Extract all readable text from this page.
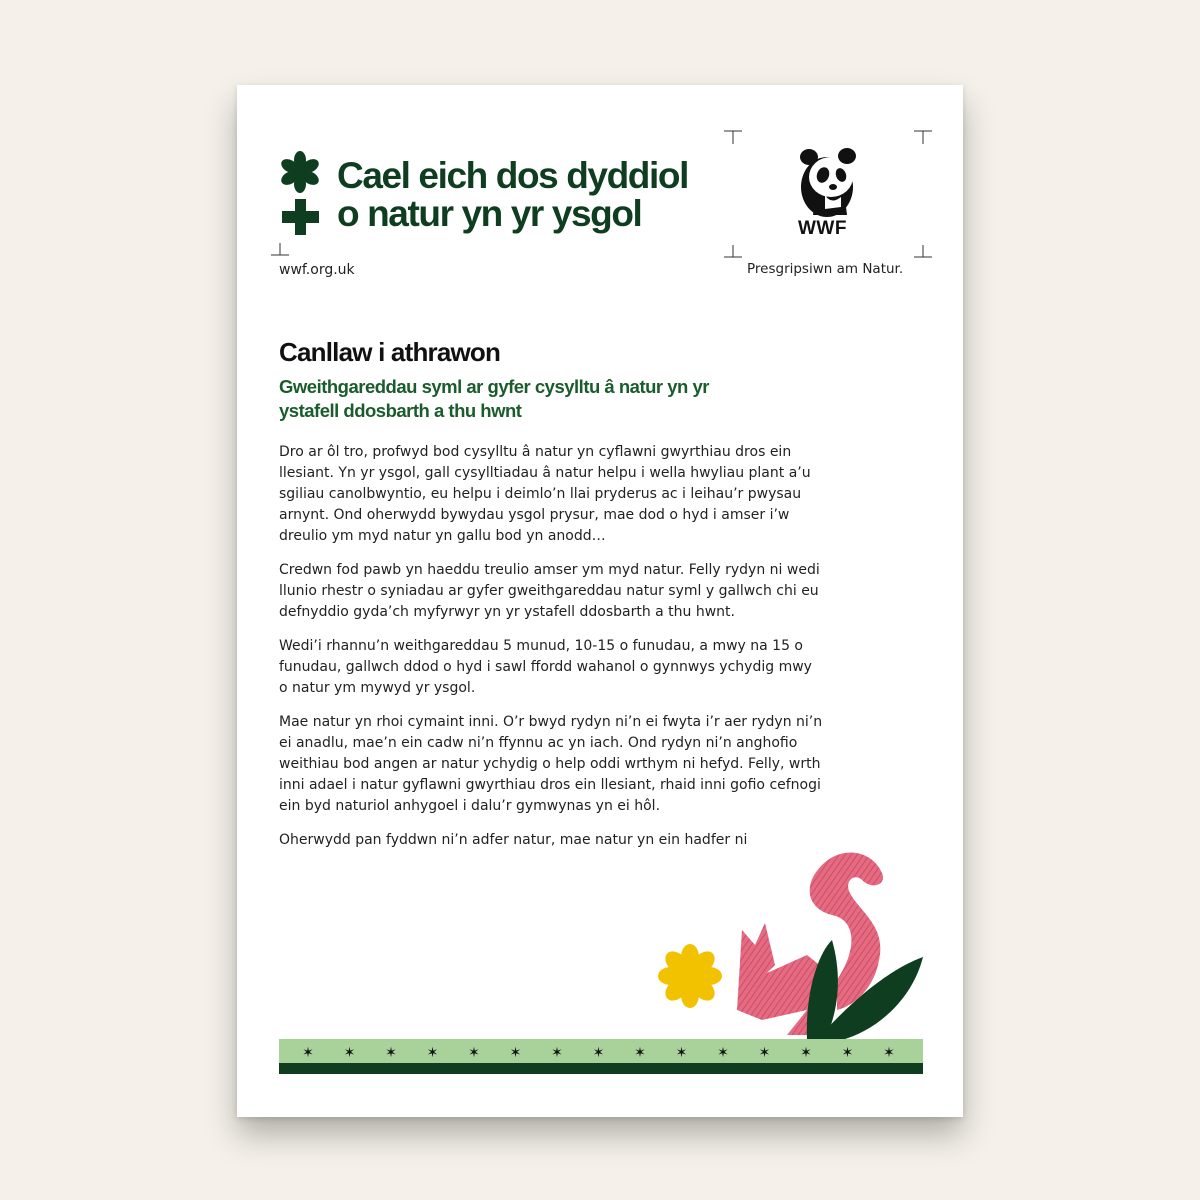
Cael eich dos dyddiol
o natur yn yr ysgol	WWF
wwf.org.uk	Presgripsiwn am Natur.
Canllaw i athrawon
Gweithgareddau syml ar gyfer cysylltu â natur yn yr ystafell ddosbarth a thu hwnt

Dro ar ôl tro, profwyd bod cysylltu â natur yn cyflawni gwyrthiau dros ein llesiant. Yn yr ysgol, gall cysylltiadau â natur helpu i wella hwyliau plant a’u sgiliau canolbwyntio, eu helpu i deimlo’n llai pryderus ac i leihau’r pwysau arnynt. Ond oherwydd bywydau ysgol prysur, mae dod o hyd i amser i’w dreulio ym myd natur yn gallu bod yn anodd…

Credwn fod pawb yn haeddu treulio amser ym myd natur. Felly rydyn ni wedi llunio rhestr o syniadau ar gyfer gweithgareddau natur syml y gallwch chi eu defnyddio gyda’ch myfyrwyr yn yr ystafell ddosbarth a thu hwnt.

Wedi’i rhannu’n weithgareddau 5 munud, 10-15 o funudau, a mwy na 15 o funudau, gallwch ddod o hyd i sawl ffordd wahanol o gynnwys ychydig mwy o natur ym mywyd yr ysgol.

Mae natur yn rhoi cymaint inni. O’r bwyd rydyn ni’n ei fwyta i’r aer rydyn ni’n ei anadlu, mae’n ein cadw ni’n ffynnu ac yn iach. Ond rydyn ni’n anghofio weithiau bod angen ar natur ychydig o help oddi wrthym ni hefyd. Felly, wrth inni adael i natur gyflawni gwyrthiau dros ein llesiant, rhaid inni gofio cefnogi ein byd naturiol anhygoel i dalu’r gymwynas yn ei hôl.

Oherwydd pan fyddwn ni’n adfer natur, mae natur yn ein hadfer ni

✶ ✶ ✶ ✶ ✶ ✶ ✶ ✶ ✶ ✶ ✶ ✶ ✶ ✶ ✶
